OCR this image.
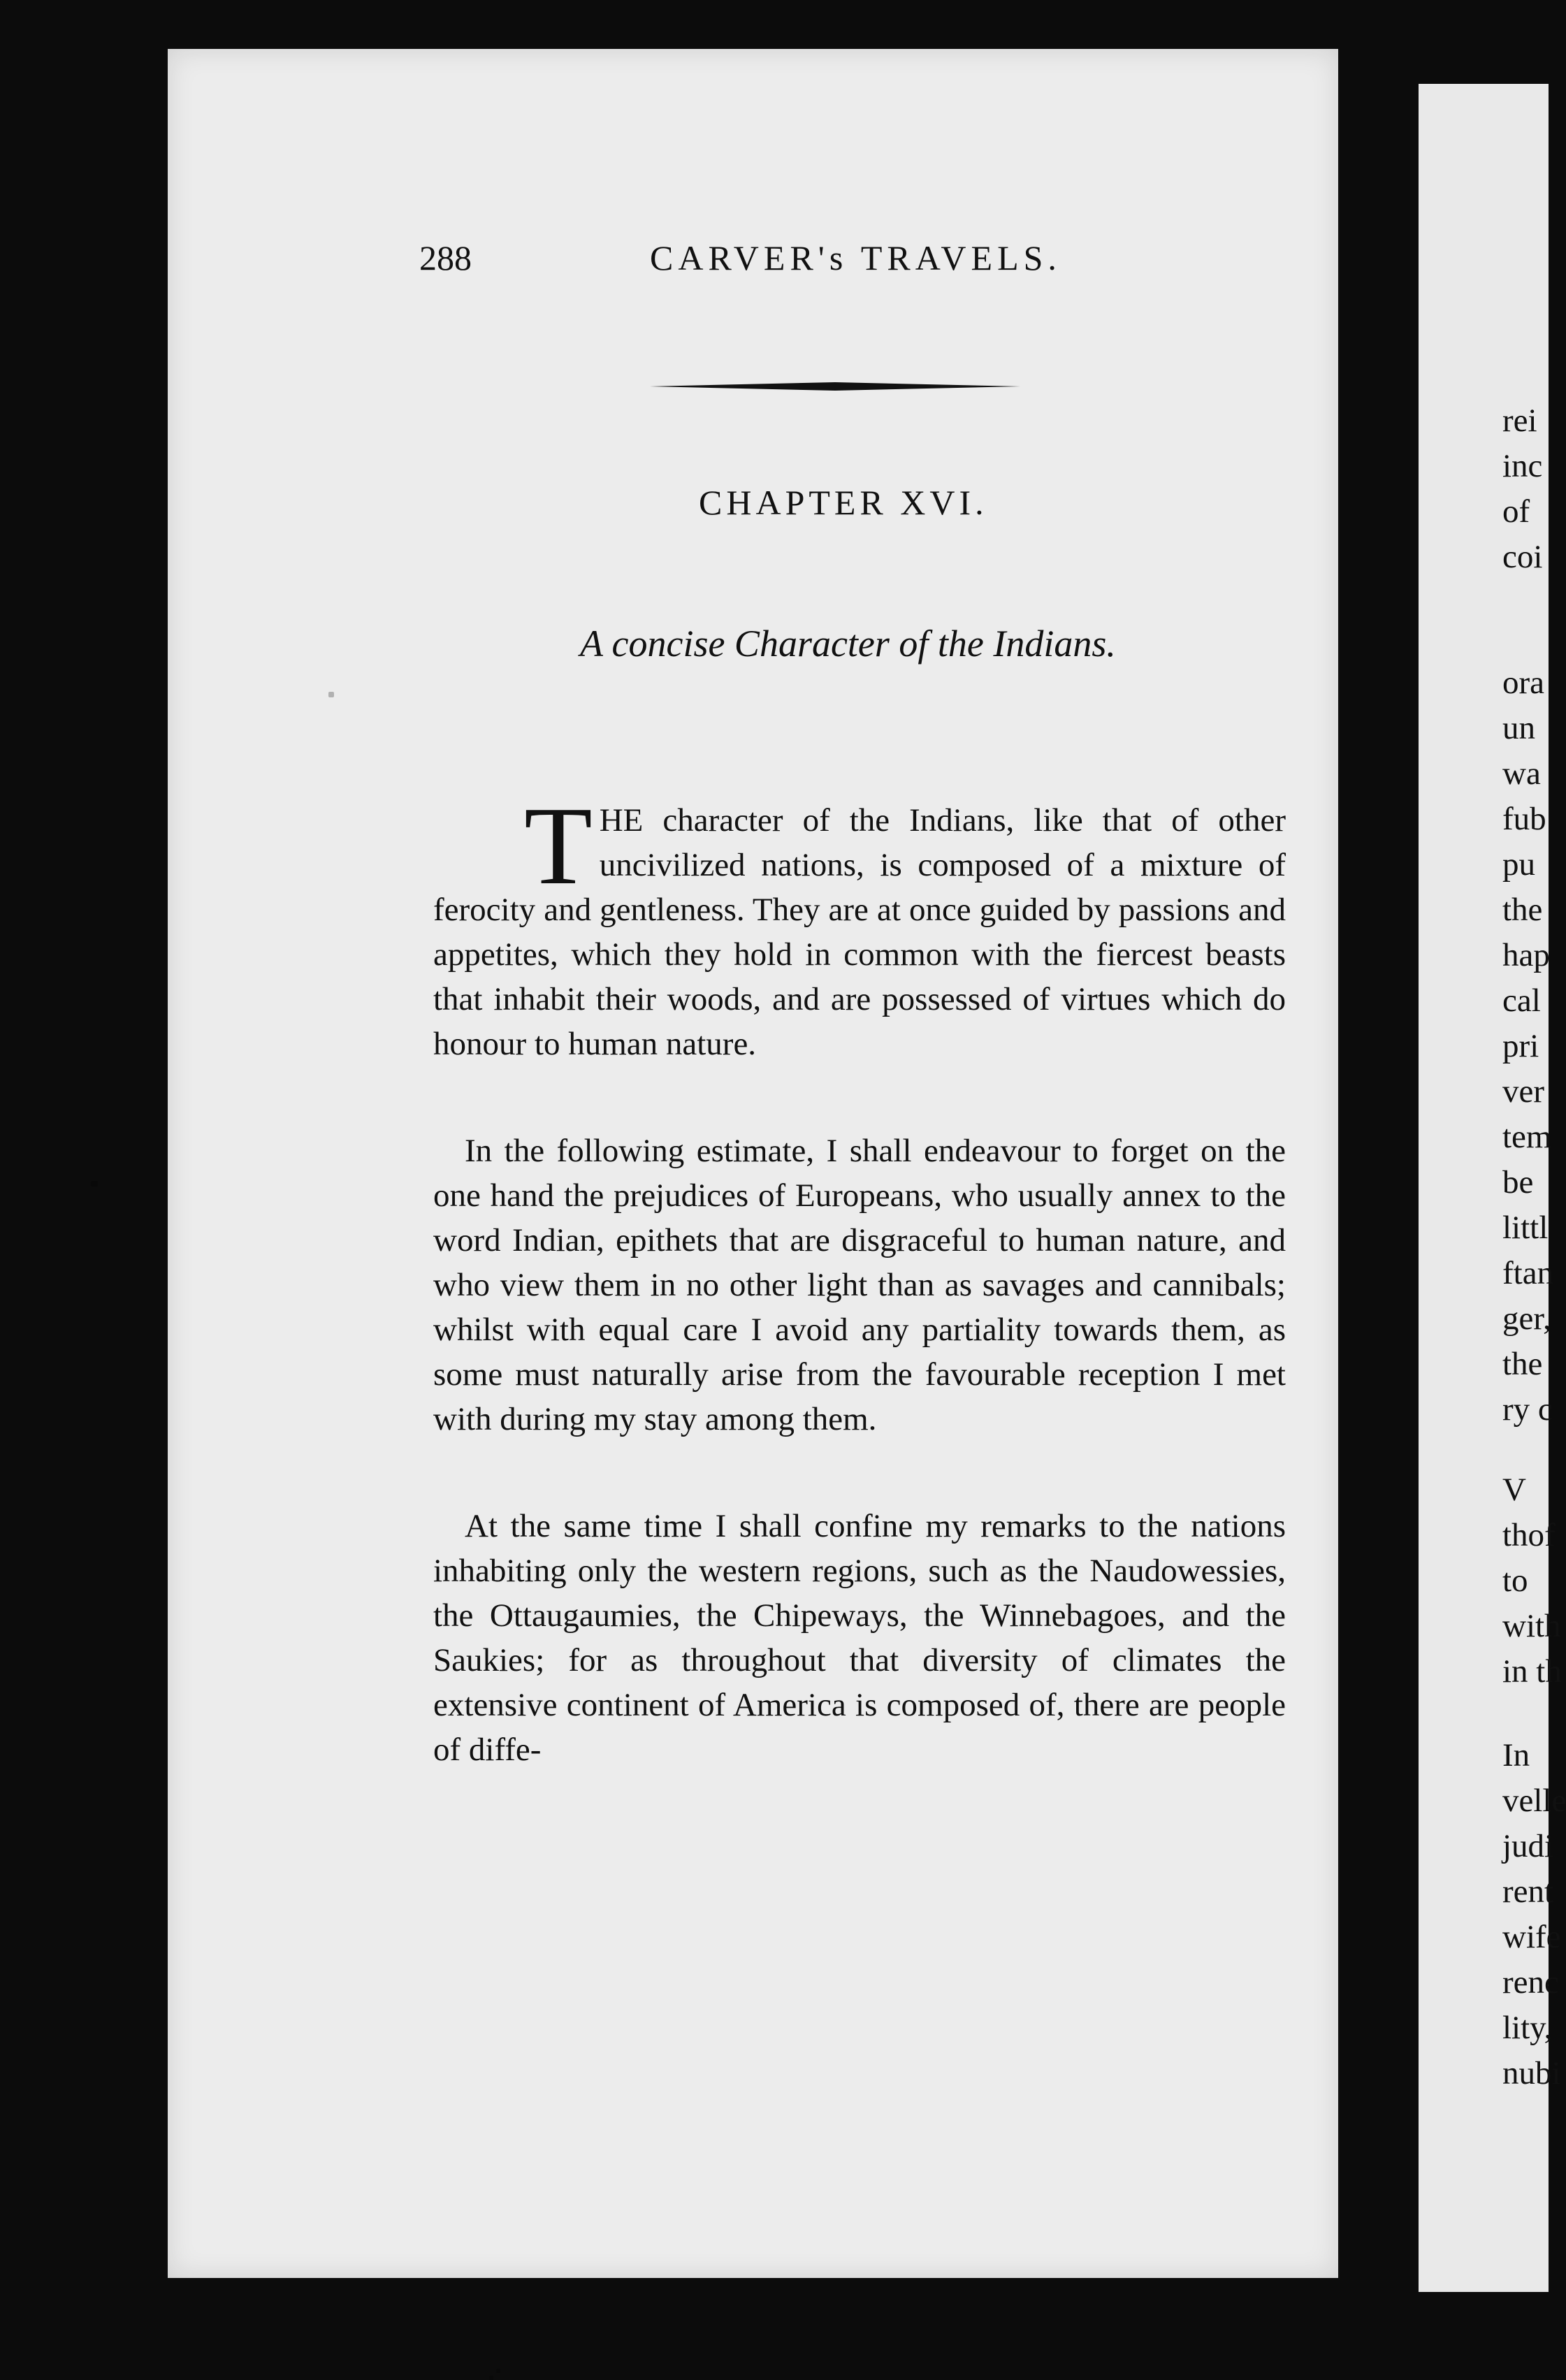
rei
inc
of
coi
ora
un
wa
fub
pu
the
hap
cal
pri
ver
tem
be
littl
ftan
ger,
the
ry c
V
thof
to
with
in th
In
velle
judi
rent
wife
renc
lity,
nubi
288	CARVER's TRAVELS.
CHAPTER XVI.
A concise Character of the Indians.

THE character of the Indians, like that of other uncivilized nations, is composed of a mixture of ferocity and gentleness. They are at once guided by passions and appetites, which they hold in common with the fiercest beasts that inhabit their woods, and are possessed of virtues which do honour to human nature.

In the following estimate, I shall endeavour to forget on the one hand the prejudices of Europeans, who usually annex to the word Indian, epithets that are disgraceful to human nature, and who view them in no other light than as savages and cannibals; whilst with equal care I avoid any partiality towards them, as some must naturally arise from the favourable reception I met with during my stay among them.

At the same time I shall confine my remarks to the nations inhabiting only the western regions, such as the Naudowessies, the Ottaugaumies, the Chipeways, the Winnebagoes, and the Saukies; for as throughout that diversity of climates the extensive continent of America is composed of, there are people of diffe-
